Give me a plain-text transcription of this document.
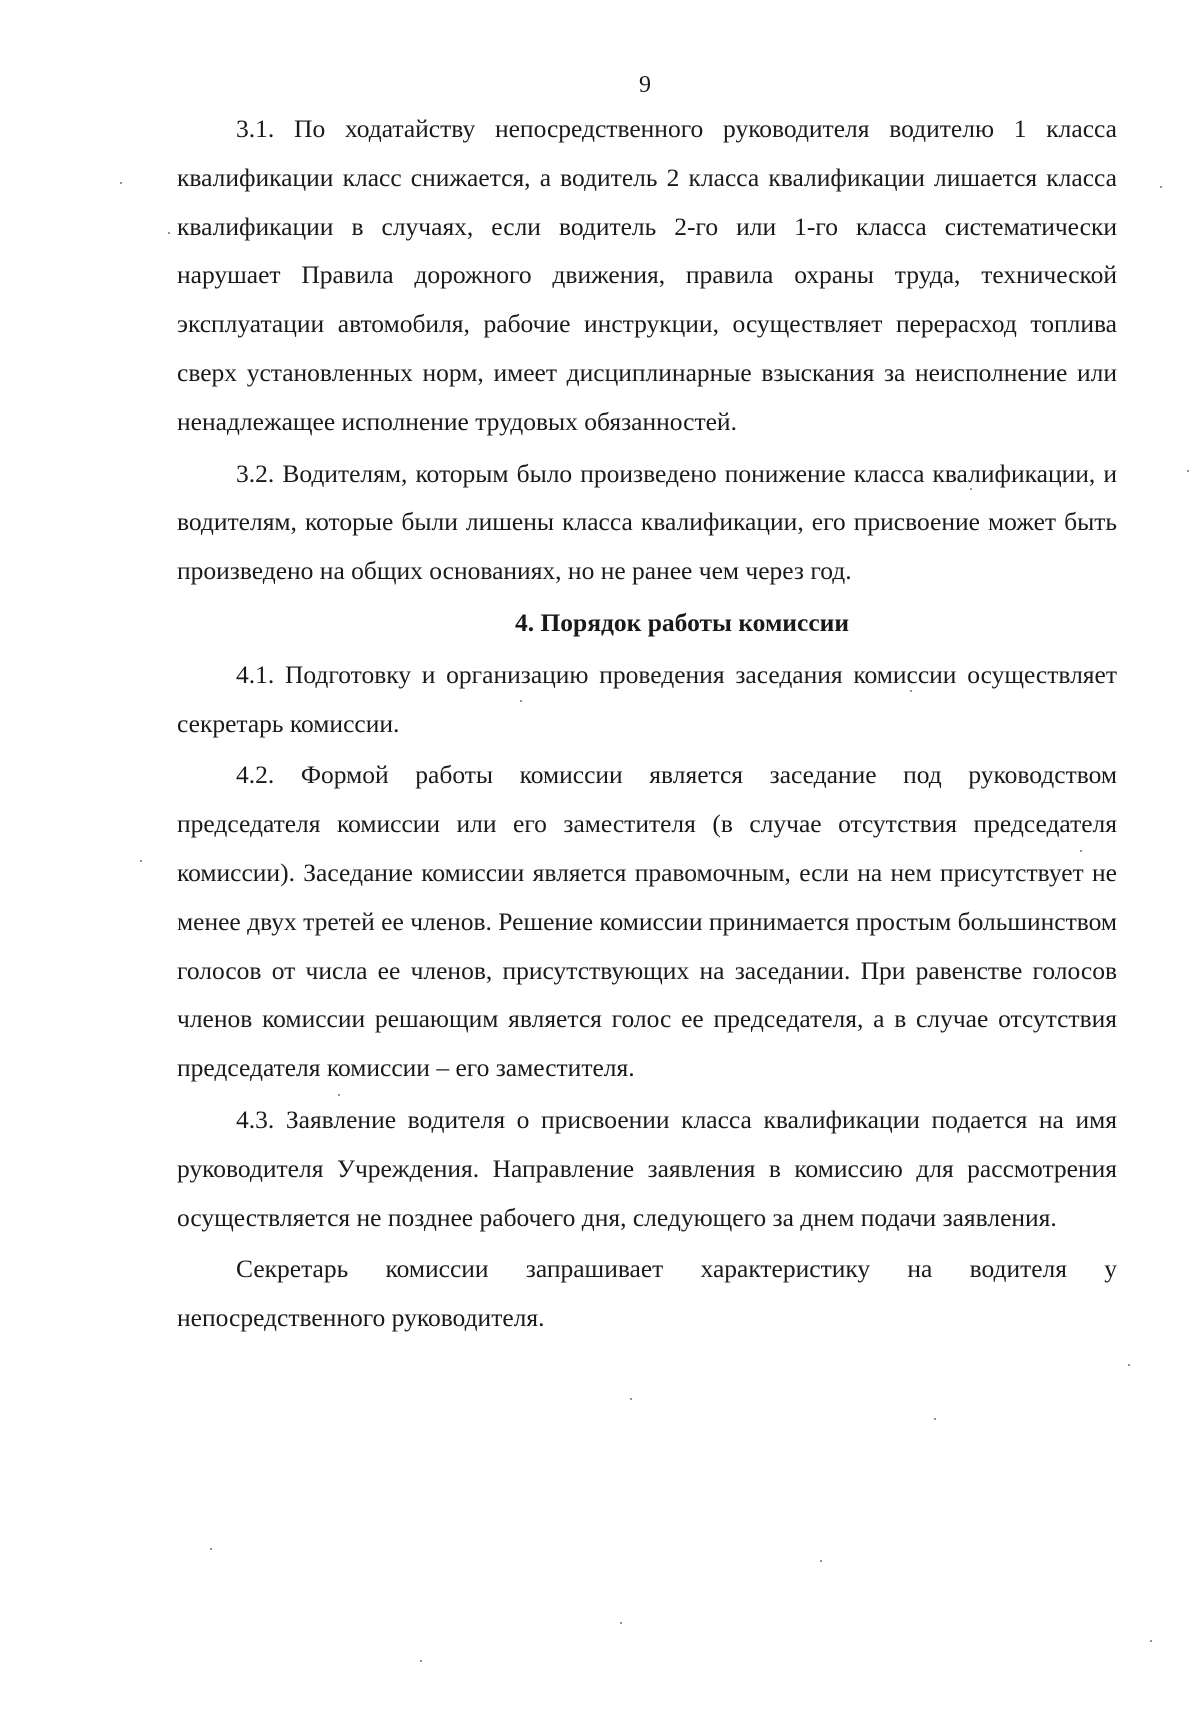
9

3.1. По ходатайству непосредственного руководителя водителю 1 класса квалификации класс снижается, а водитель 2 класса квалификации лишается класса квалификации в случаях, если водитель 2-го или 1-го класса систематически нарушает Правила дорожного движения, правила охраны труда, технической эксплуатации автомобиля, рабочие инструкции, осуществляет перерасход топлива сверх установленных норм, имеет дисциплинарные взыскания за неисполнение или ненадлежащее исполнение трудовых обязанностей.

3.2. Водителям, которым было произведено понижение класса квалификации, и водителям, которые были лишены класса квалификации, его присвоение может быть произведено на общих основаниях, но не ранее чем через год.

4. Порядок работы комиссии

4.1. Подготовку и организацию проведения заседания комиссии осуществляет секретарь комиссии.

4.2. Формой работы комиссии является заседание под руководством председателя комиссии или его заместителя (в случае отсутствия председателя комиссии). Заседание комиссии является правомочным, если на нем присутствует не менее двух третей ее членов. Решение комиссии принимается простым большинством голосов от числа ее членов, присутствующих на заседании. При равенстве голосов членов комиссии решающим является голос ее председателя, а в случае отсутствия председателя комиссии – его заместителя.

4.3. Заявление водителя о присвоении класса квалификации подается на имя руководителя Учреждения. Направление заявления в комиссию для рассмотрения осуществляется не позднее рабочего дня, следующего за днем подачи заявления.

Секретарь комиссии запрашивает характеристику на водителя у непосредственного руководителя.
